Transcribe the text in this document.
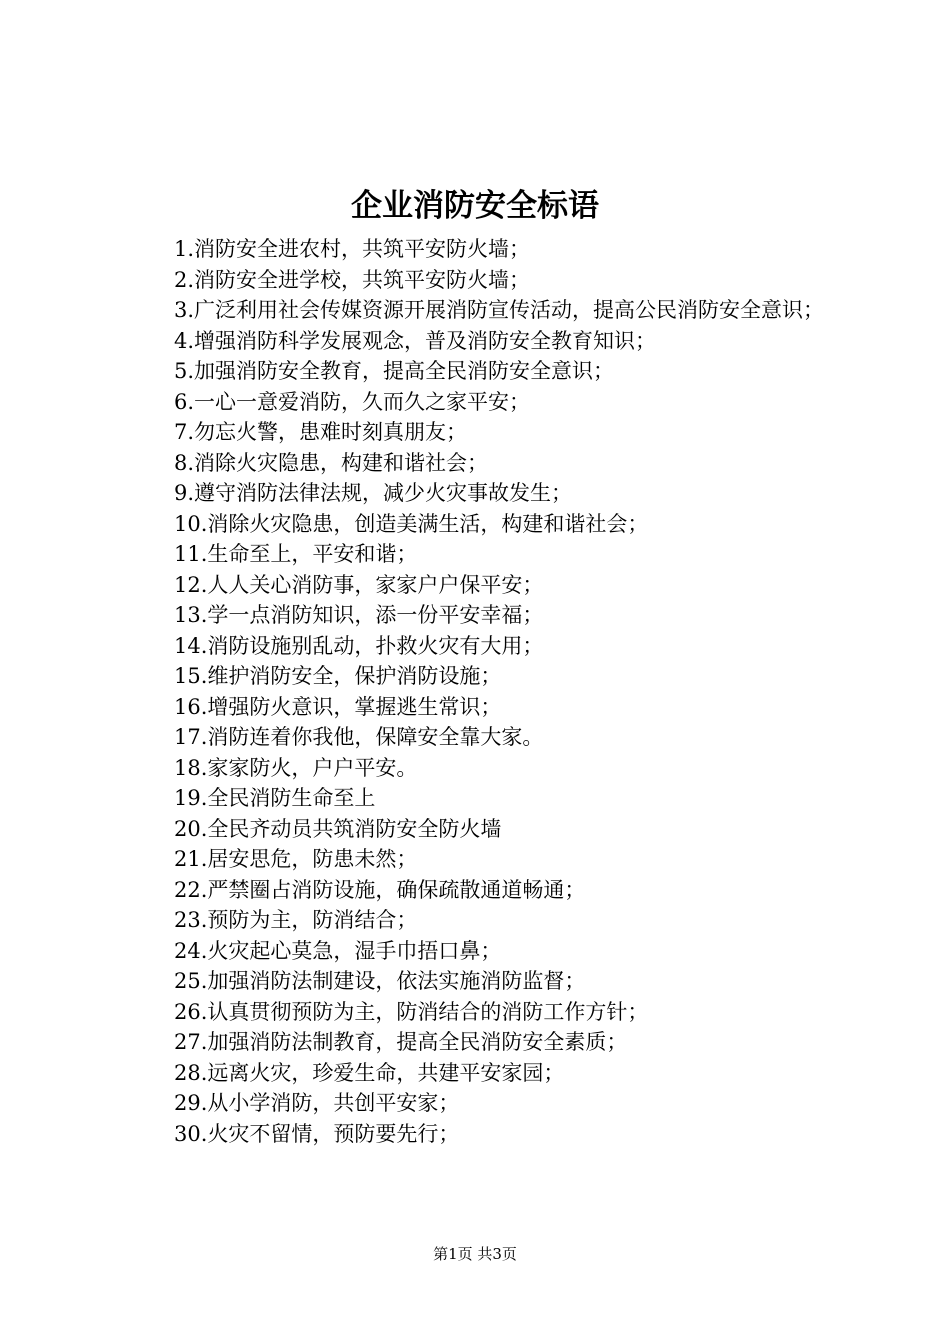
企业消防安全标语
1.消防安全进农村，共筑平安防火墙；
2.消防安全进学校，共筑平安防火墙；
3.广泛利用社会传媒资源开展消防宣传活动，提高公民消防安全意识；
4.增强消防科学发展观念，普及消防安全教育知识；
5.加强消防安全教育，提高全民消防安全意识；
6.一心一意爱消防，久而久之家平安；
7.勿忘火警，患难时刻真朋友；
8.消除火灾隐患，构建和谐社会；
9.遵守消防法律法规，减少火灾事故发生；
10.消除火灾隐患，创造美满生活，构建和谐社会；
11.生命至上，平安和谐；
12.人人关心消防事，家家户户保平安；
13.学一点消防知识，添一份平安幸福；
14.消防设施别乱动，扑救火灾有大用；
15.维护消防安全，保护消防设施；
16.增强防火意识，掌握逃生常识；
17.消防连着你我他，保障安全靠大家。
18.家家防火，户户平安。
19.全民消防生命至上
20.全民齐动员共筑消防安全防火墙
21.居安思危，防患未然；
22.严禁圈占消防设施，确保疏散通道畅通；
23.预防为主，防消结合；
24.火灾起心莫急，湿手巾捂口鼻；
25.加强消防法制建设，依法实施消防监督；
26.认真贯彻预防为主，防消结合的消防工作方针；
27.加强消防法制教育，提高全民消防安全素质；
28.远离火灾，珍爱生命，共建平安家园；
29.从小学消防，共创平安家；
30.火灾不留情，预防要先行；
第1页 共3页
